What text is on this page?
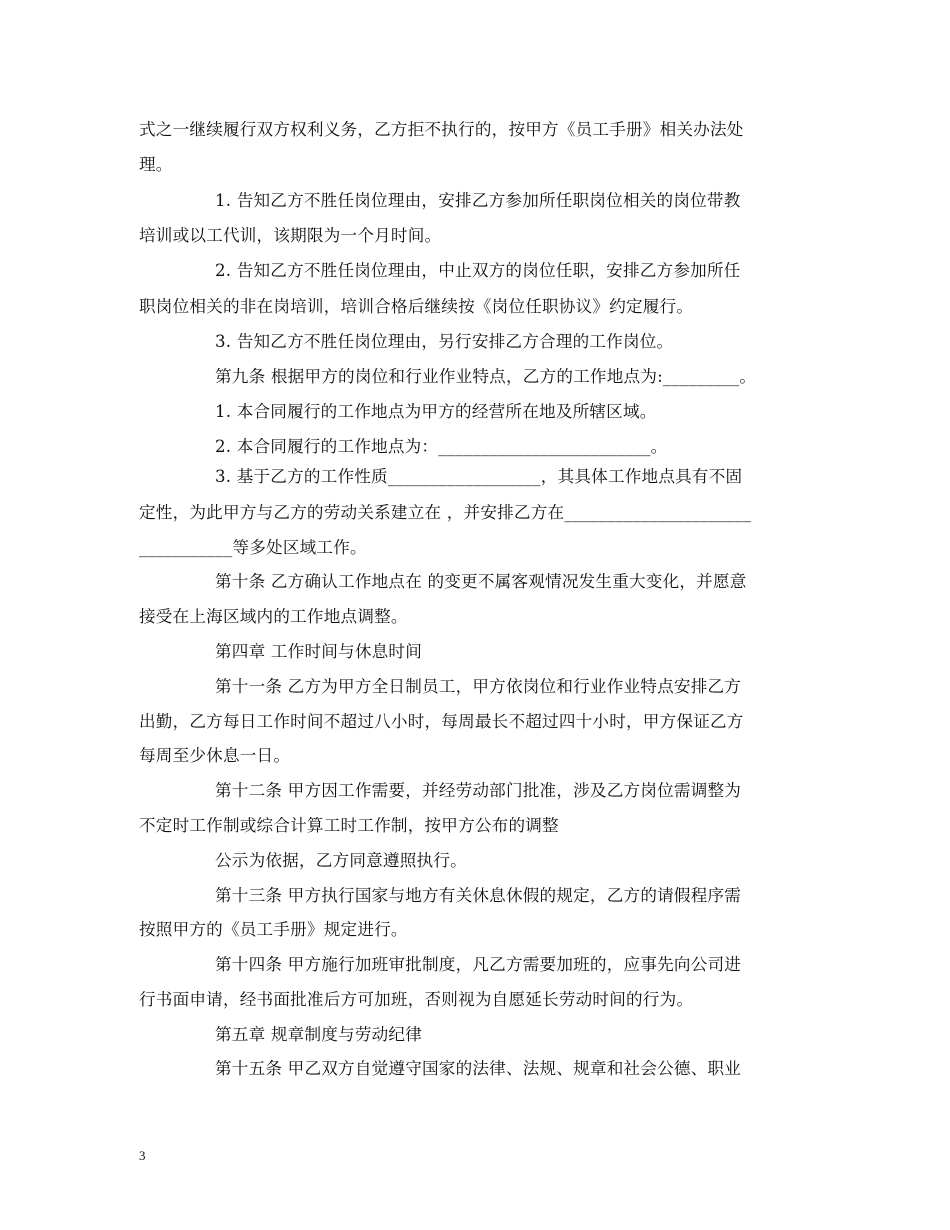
式之一继续履行双方权利义务，乙方拒不执行的，按甲方《员工手册》相关办法处
理。
1. 告知乙方不胜任岗位理由，安排乙方参加所任职岗位相关的岗位带教
培训或以工代训，该期限为一个月时间。
2. 告知乙方不胜任岗位理由，中止双方的岗位任职，安排乙方参加所任
职岗位相关的非在岗培训，培训合格后继续按《岗位任职协议》约定履行。
3. 告知乙方不胜任岗位理由，另行安排乙方合理的工作岗位。
第九条 根据甲方的岗位和行业作业特点，乙方的工作地点为:_________。
1. 本合同履行的工作地点为甲方的经营所在地及所辖区域。
2. 本合同履行的工作地点为：_________________________。
3. 基于乙方的工作性质__________________，其具体工作地点具有不固
定性，为此甲方与乙方的劳动关系建立在 ，并安排乙方在______________________
___________等多处区域工作。
第十条 乙方确认工作地点在 的变更不属客观情况发生重大变化，并愿意
接受在上海区域内的工作地点调整。
第四章 工作时间与休息时间
第十一条 乙方为甲方全日制员工，甲方依岗位和行业作业特点安排乙方
出勤，乙方每日工作时间不超过八小时，每周最长不超过四十小时，甲方保证乙方
每周至少休息一日。
第十二条 甲方因工作需要，并经劳动部门批准，涉及乙方岗位需调整为
不定时工作制或综合计算工时工作制，按甲方公布的调整
公示为依据，乙方同意遵照执行。
第十三条 甲方执行国家与地方有关休息休假的规定，乙方的请假程序需
按照甲方的《员工手册》规定进行。
第十四条 甲方施行加班审批制度，凡乙方需要加班的，应事先向公司进
行书面申请，经书面批准后方可加班，否则视为自愿延长劳动时间的行为。
第五章 规章制度与劳动纪律
第十五条 甲乙双方自觉遵守国家的法律、法规、规章和社会公德、职业
3
